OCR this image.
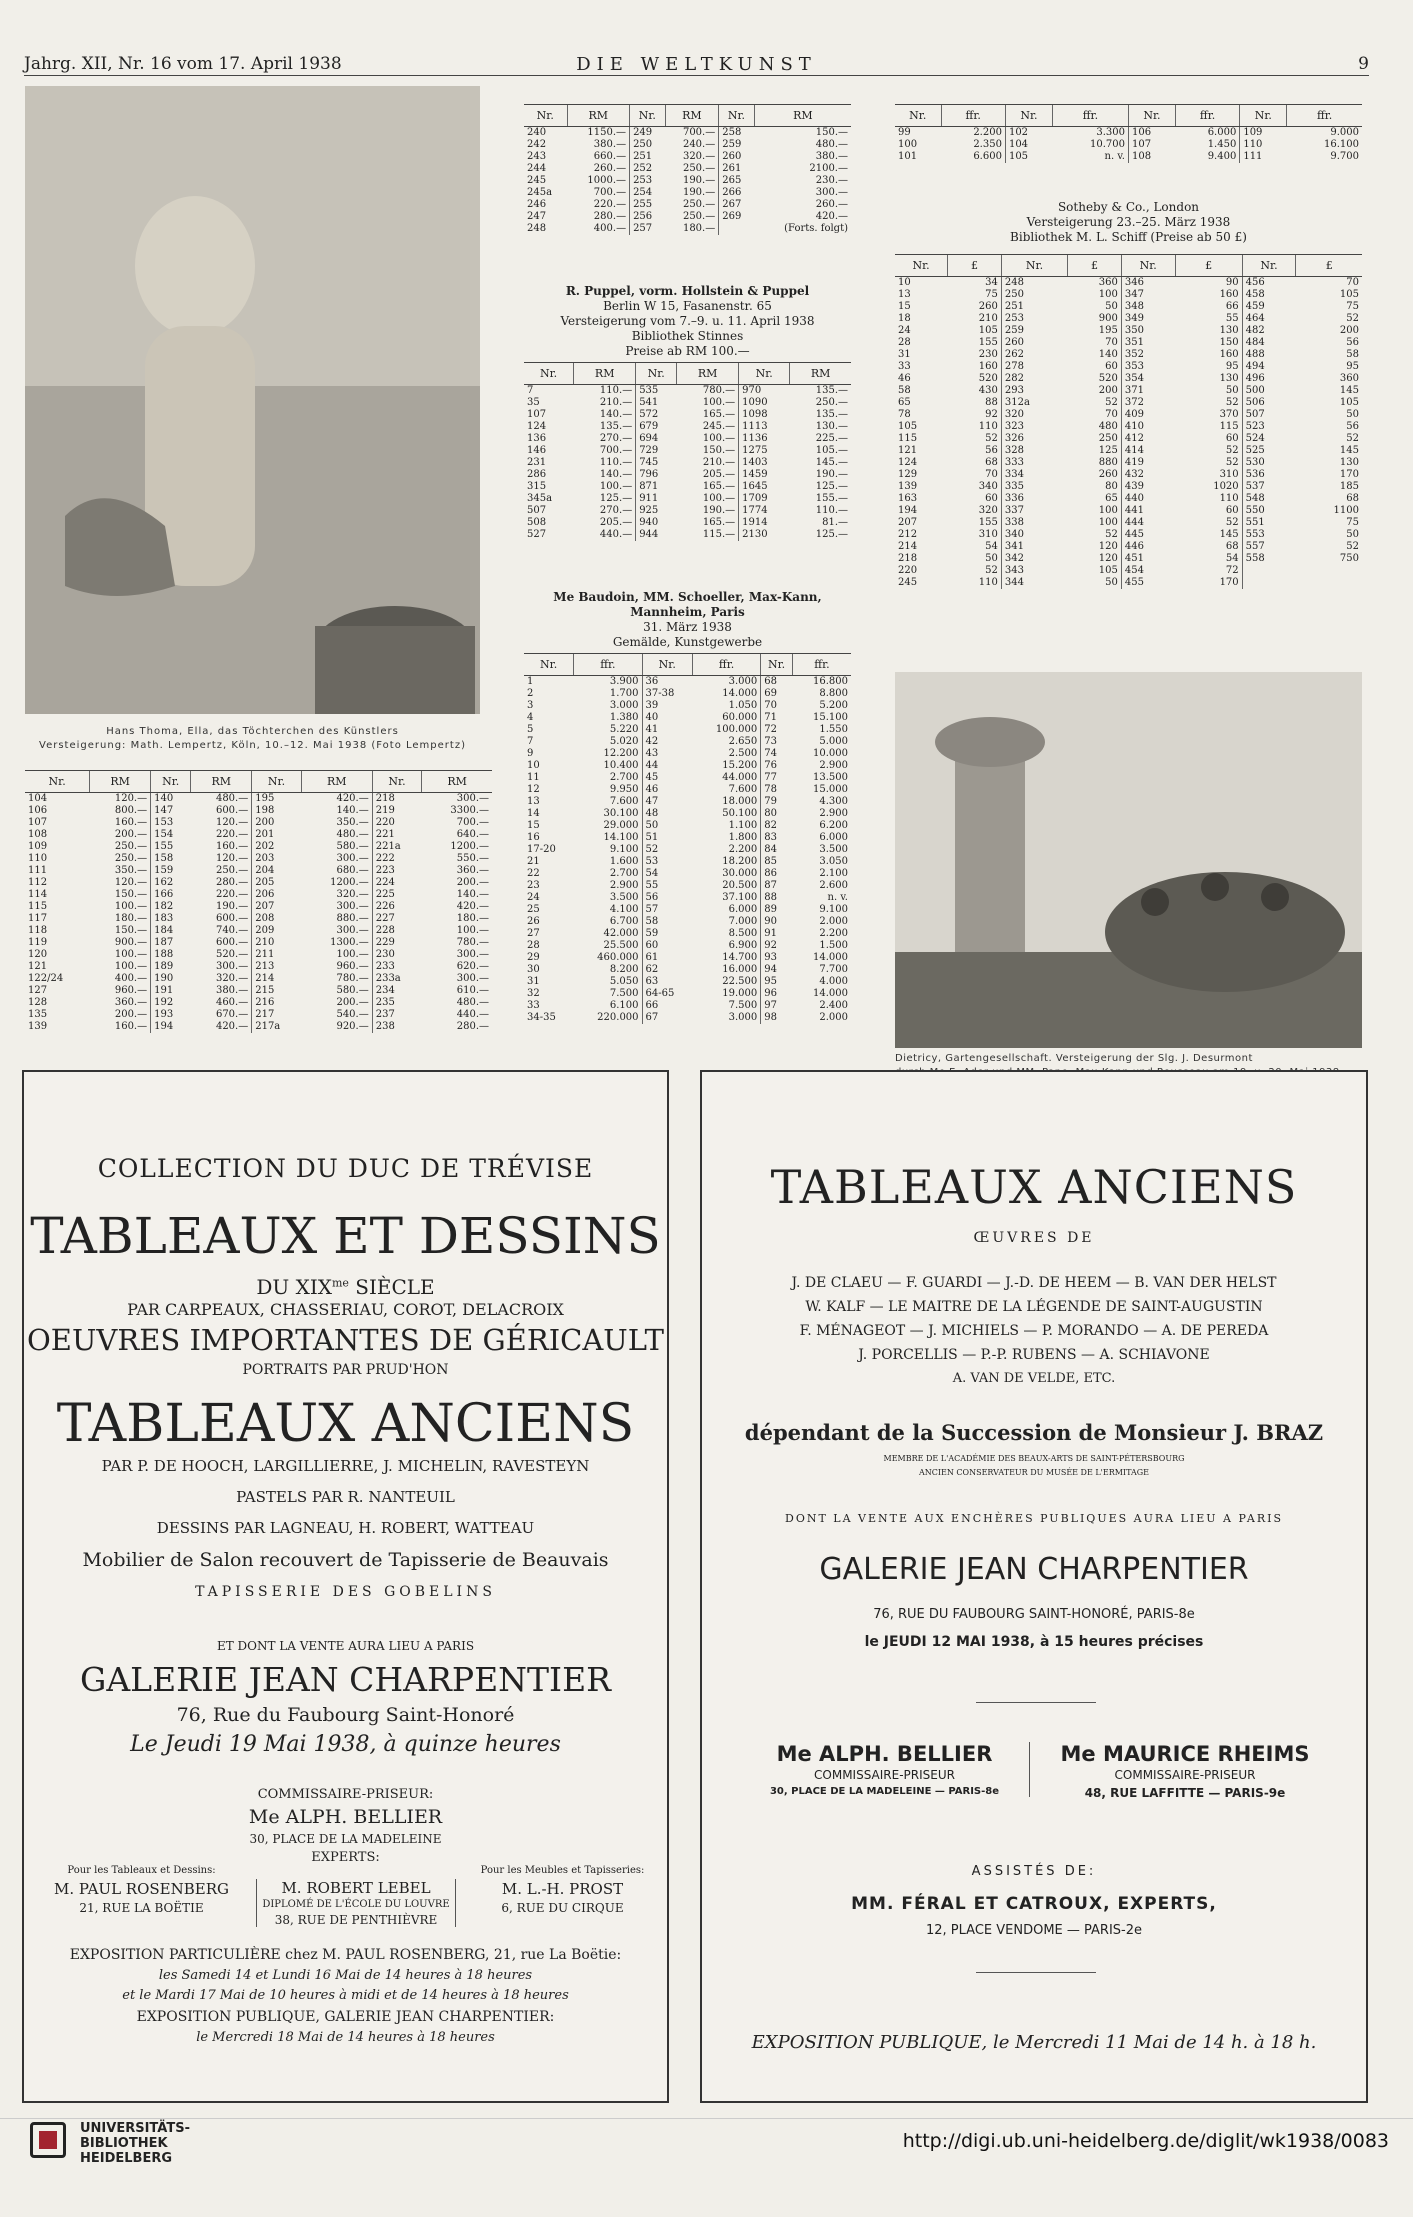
Jahrg. XII, Nr. 16 vom 17. April 1938	DIE WELTKUNST	9
Hans Thoma, Ella, das Töchterchen des Künstlers
Versteigerung: Math. Lempertz, Köln, 10.–12. Mai 1938 (Foto Lempertz)
Nr.	RM	Nr.	RM	Nr.	RM
240	1150.—	249	700.—	258	150.—
242	380.—	250	240.—	259	480.—
243	660.—	251	320.—	260	380.—
244	260.—	252	250.—	261	2100.—
245	1000.—	253	190.—	265	230.—
245a	700.—	254	190.—	266	300.—
246	220.—	255	250.—	267	260.—
247	280.—	256	250.—	269	420.—
248	400.—	257	180.—		(Forts. folgt)
R. Puppel, vorm. Hollstein & Puppel
Berlin W 15, Fasanenstr. 65
Versteigerung vom 7.–9. u. 11. April 1938
Bibliothek Stinnes
Preise ab RM 100.—
Nr.	RM	Nr.	RM	Nr.	RM
7	110.—	535	780.—	970	135.—
35	210.—	541	100.—	1090	250.—
107	140.—	572	165.—	1098	135.—
124	135.—	679	245.—	1113	130.—
136	270.—	694	100.—	1136	225.—
146	700.—	729	150.—	1275	105.—
231	110.—	745	210.—	1403	145.—
286	140.—	796	205.—	1459	190.—
315	100.—	871	165.—	1645	125.—
345a	125.—	911	100.—	1709	155.—
507	270.—	925	190.—	1774	110.—
508	205.—	940	165.—	1914	81.—
527	440.—	944	115.—	2130	125.—
Me Baudoin, MM. Schoeller, Max-Kann,
Mannheim, Paris
31. März 1938
Gemälde, Kunstgewerbe
Nr.	ffr.	Nr.	ffr.	Nr.	ffr.
1	3.900	36	3.000	68	16.800
2	1.700	37-38	14.000	69	8.800
3	3.000	39	1.050	70	5.200
4	1.380	40	60.000	71	15.100
5	5.220	41	100.000	72	1.550
7	5.020	42	2.650	73	5.000
9	12.200	43	2.500	74	10.000
10	10.400	44	15.200	76	2.900
11	2.700	45	44.000	77	13.500
12	9.950	46	7.600	78	15.000
13	7.600	47	18.000	79	4.300
14	30.100	48	50.100	80	2.900
15	29.000	50	1.100	82	6.200
16	14.100	51	1.800	83	6.000
17-20	9.100	52	2.200	84	3.500
21	1.600	53	18.200	85	3.050
22	2.700	54	30.000	86	2.100
23	2.900	55	20.500	87	2.600
24	3.500	56	37.100	88	n. v.
25	4.100	57	6.000	89	9.100
26	6.700	58	7.000	90	2.000
27	42.000	59	8.500	91	2.200
28	25.500	60	6.900	92	1.500
29	460.000	61	14.700	93	14.000
30	8.200	62	16.000	94	7.700
31	5.050	63	22.500	95	4.000
32	7.500	64-65	19.000	96	14.000
33	6.100	66	7.500	97	2.400
34-35	220.000	67	3.000	98	2.000
Nr.	RM	Nr.	RM	Nr.	RM	Nr.	RM
104	120.—	140	480.—	195	420.—	218	300.—
106	800.—	147	600.—	198	140.—	219	3300.—
107	160.—	153	120.—	200	350.—	220	700.—
108	200.—	154	220.—	201	480.—	221	640.—
109	250.—	155	160.—	202	580.—	221a	1200.—
110	250.—	158	120.—	203	300.—	222	550.—
111	350.—	159	250.—	204	680.—	223	360.—
112	120.—	162	280.—	205	1200.—	224	200.—
114	150.—	166	220.—	206	320.—	225	140.—
115	100.—	182	190.—	207	300.—	226	420.—
117	180.—	183	600.—	208	880.—	227	180.—
118	150.—	184	740.—	209	300.—	228	100.—
119	900.—	187	600.—	210	1300.—	229	780.—
120	100.—	188	520.—	211	100.—	230	300.—
121	100.—	189	300.—	213	960.—	233	620.—
122/24	400.—	190	320.—	214	780.—	233a	300.—
127	960.—	191	380.—	215	580.—	234	610.—
128	360.—	192	460.—	216	200.—	235	480.—
135	200.—	193	670.—	217	540.—	237	440.—
139	160.—	194	420.—	217a	920.—	238	280.—
Nr.	ffr.	Nr.	ffr.	Nr.	ffr.	Nr.	ffr.
99	2.200	102	3.300	106	6.000	109	9.000
100	2.350	104	10.700	107	1.450	110	16.100
101	6.600	105	n. v.	108	9.400	111	9.700
Sotheby & Co., London
Versteigerung 23.–25. März 1938
Bibliothek M. L. Schiff (Preise ab 50 £)
Nr.	£	Nr.	£	Nr.	£	Nr.	£
10	34	248	360	346	90	456	70
13	75	250	100	347	160	458	105
15	260	251	50	348	66	459	75
18	210	253	900	349	55	464	52
24	105	259	195	350	130	482	200
28	155	260	70	351	150	484	56
31	230	262	140	352	160	488	58
33	160	278	60	353	95	494	95
46	520	282	520	354	130	496	360
58	430	293	200	371	50	500	145
65	88	312a	52	372	52	506	105
78	92	320	70	409	370	507	50
105	110	323	480	410	115	523	56
115	52	326	250	412	60	524	52
121	56	328	125	414	52	525	145
124	68	333	880	419	52	530	130
129	70	334	260	432	310	536	170
139	340	335	80	439	1020	537	185
163	60	336	65	440	110	548	68
194	320	337	100	441	60	550	1100
207	155	338	100	444	52	551	75
212	310	340	52	445	145	553	50
214	54	341	120	446	68	557	52
218	50	342	120	451	54	558	750
220	52	343	105	454	72		
245	110	344	50	455	170		
Dietricy, Gartengesellschaft. Versteigerung der Slg. J. Desurmont
COLLECTION DU DUC DE TRÉVISE
TABLEAUX ET DESSINS
DU $XIX^{me}$ SIÈCLE
PAR CARPEAUX, CHASSERIAU, COROT, DELACROIX
OEUVRES IMPORTANTES DE GÉRICAULT
PORTRAITS PAR PRUD'HON
TABLEAUX ANCIENS
PAR P. DE HOOCH, LARGILLIERRE, J. MICHELIN, RAVESTEYN
PASTELS PAR R. NANTEUIL
DESSINS PAR LAGNEAU, H. ROBERT, WATTEAU
Mobilier de Salon recouvert de Tapisserie de Beauvais
TAPISSERIE DES GOBELINS
ET DONT LA VENTE AURA LIEU A PARIS
GALERIE JEAN CHARPENTIER
76, Rue du Faubourg Saint-Honoré
Le Jeudi 19 Mai 1938, à quinze heures
COMMISSAIRE-PRISEUR:
Me ALPH. BELLIER
30, PLACE DE LA MADELEINE
EXPERTS:
Pour les Tableaux et Dessins:
M. PAUL ROSENBERG
21, RUE LA BOËTIE
M. ROBERT LEBEL
DIPLOMÉ DE L'ÉCOLE DU LOUVRE
38, RUE DE PENTHIÈVRE
Pour les Meubles et Tapisseries:
M. L.-H. PROST
6, RUE DU CIRQUE
EXPOSITION PARTICULIÈRE chez M. PAUL ROSENBERG, 21, rue La Boëtie:
les Samedi 14 et Lundi 16 Mai de 14 heures à 18 heures
et le Mardi 17 Mai de 10 heures à midi et de 14 heures à 18 heures
EXPOSITION PUBLIQUE, GALERIE JEAN CHARPENTIER:
le Mercredi 18 Mai de 14 heures à 18 heures
TABLEAUX ANCIENS
ŒUVRES DE
J. DE CLAEU — F. GUARDI — J.-D. DE HEEM — B. VAN DER HELST
W. KALF — LE MAITRE DE LA LÉGENDE DE SAINT-AUGUSTIN
F. MÉNAGEOT — J. MICHIELS — P. MORANDO — A. DE PEREDA
J. PORCELLIS — P.-P. RUBENS — A. SCHIAVONE
A. VAN DE VELDE, ETC.
dépendant de la Succession de Monsieur J. BRAZ
MEMBRE DE L'ACADÉMIE DES BEAUX-ARTS DE SAINT-PÉTERSBOURG
ANCIEN CONSERVATEUR DU MUSÉE DE L'ERMITAGE
DONT LA VENTE AUX ENCHÈRES PUBLIQUES AURA LIEU A PARIS
GALERIE JEAN CHARPENTIER
76, RUE DU FAUBOURG SAINT-HONORÉ, PARIS-8e
le JEUDI 12 MAI 1938, à 15 heures précises
Me ALPH. BELLIER
COMMISSAIRE-PRISEUR
30, PLACE DE LA MADELEINE — PARIS-8e
Me MAURICE RHEIMS
COMMISSAIRE-PRISEUR
48, RUE LAFFITTE — PARIS-9e
ASSISTÉS DE:
MM. FÉRAL ET CATROUX, EXPERTS,
12, PLACE VENDOME — PARIS-2e
EXPOSITION PUBLIQUE, le Mercredi 11 Mai de 14 h. à 18 h.
UNIVERSITÄTS-
BIBLIOTHEK
HEIDELBERG
http://digi.ub.uni-heidelberg.de/diglit/wk1938/0083
